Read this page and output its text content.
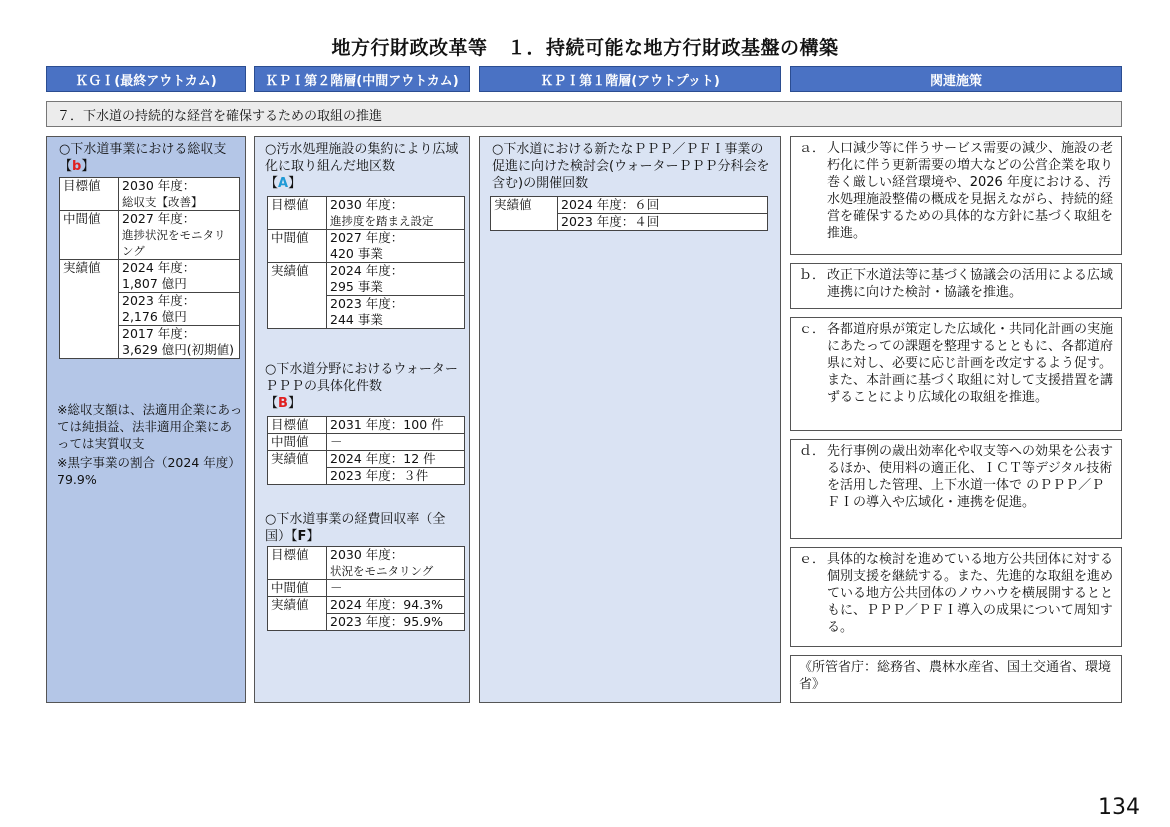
地方行財政改革等　１．持続可能な地方行財政基盤の構築
ＫＧＩ(最終アウトカム)	ＫＰＩ第２階層(中間アウトカム)	ＫＰＩ第１階層(アウトプット)	関連施策
７．下水道の持続的な経営を確保するための取組の推進
○下水道事業における総収支【b】
目標値	2030 年度：
総収支【改善】

中間値	2027 年度：
進捗状況をモニタリング

実績値	2024 年度：
1,807 億円

	2023 年度：
2,176 億円

	2017 年度：
3,629 億円(初期値)
※総収支額は、法適用企業にあっては純損益、法非適用企業にあっては実質収支
※黒字事業の割合（2024 年度）79.9%
○汚水処理施設の集約により広域化に取り組んだ地区数
【A】
目標値	2030 年度：
進捗度を踏まえ設定

中間値	2027 年度：
420 事業

実績値	2024 年度：
295 事業

	2023 年度：
244 事業
○下水道分野におけるウォーターＰＰＰの具体化件数
【B】
目標値	2031 年度：100 件
中間値	－
実績値	2024 年度：12 件
	2023 年度：３件
○下水道事業の経費回収率（全国）【F】
目標値	2030 年度：
状況をモニタリング

中間値	－
実績値	2024 年度：94.3%
	2023 年度：95.9%
○下水道における新たなＰＰＰ／ＰＦＩ事業の促進に向けた検討会(ウォーターＰＰＰ分科会を含む)の開催回数
実績値	2024 年度：６回
	2023 年度：４回
ａ． 人口減少等に伴うサービス需要の減少、施設の老朽化に伴う更新需要の増大などの公営企業を取り巻く厳しい経営環境や、2026 年度における、汚水処理施設整備の概成を見据えながら、持続的経営を確保するための具体的な方針に基づく取組を推進。
ｂ． 改正下水道法等に基づく協議会の活用による広域連携に向けた検討・協議を推進。
ｃ． 各都道府県が策定した広域化・共同化計画の実施にあたっての課題を整理するとともに、各都道府県に対し、必要に応じ計画を改定するよう促す。また、本計画に基づく取組に対して支援措置を講ずることにより広域化の取組を推進。
ｄ． 先行事例の歳出効率化や収支等への効果を公表するほか、使用料の適正化、ＩＣＴ等デジタル技術を活用した管理、上下水道一体で のＰＰＰ／ＰＦＩの導入や広域化・連携を促進。
ｅ． 具体的な検討を進めている地方公共団体に対する個別支援を継続する。また、先進的な取組を進めている地方公共団体のノウハウを横展開するとともに、ＰＰＰ／ＰＦＩ導入の成果について周知する。
《所管省庁：総務省、農林水産省、国土交通省、環境省》
134
